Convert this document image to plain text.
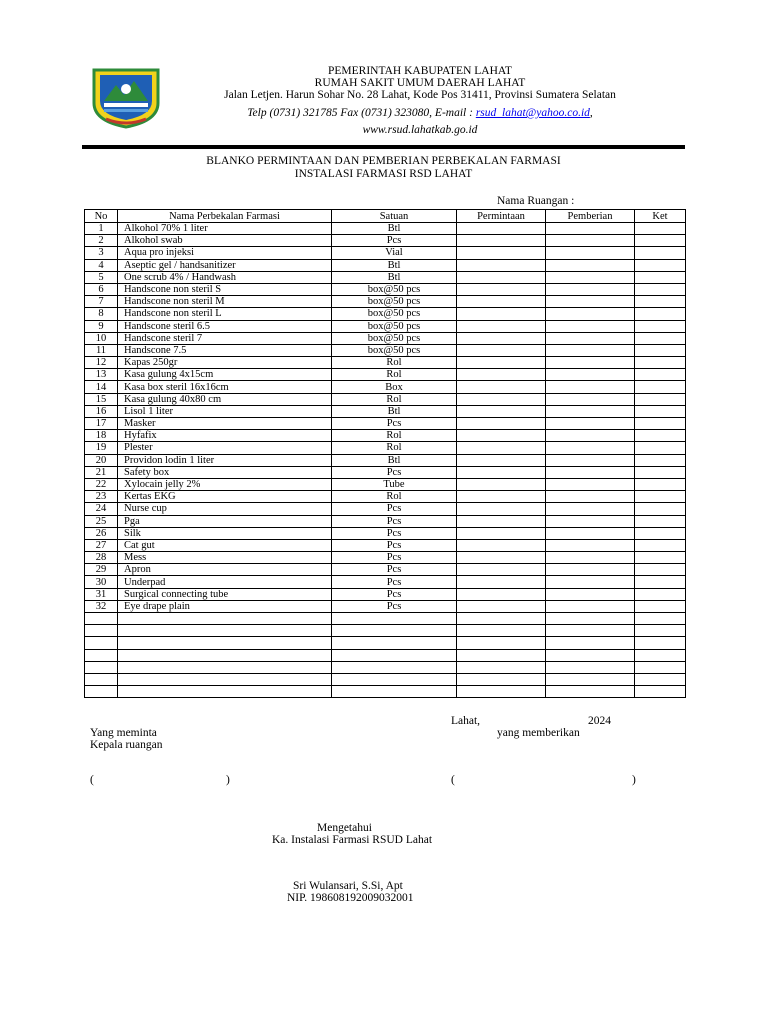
PEMERINTAH KABUPATEN LAHAT
RUMAH SAKIT UMUM DAERAH LAHAT
Jalan Letjen. Harun Sohar No. 28 Lahat, Kode Pos 31411, Provinsi Sumatera Selatan
Telp (0731) 321785 Fax (0731) 323080, E-mail : rsud_lahat@yahoo.co.id,
www.rsud.lahatkab.go.id
BLANKO PERMINTAAN DAN PEMBERIAN PERBEKALAN FARMASI
INSTALASI FARMASI RSD LAHAT
Nama Ruangan :
No	Nama Perbekalan Farmasi	Satuan	Permintaan	Pemberian	Ket
1	Alkohol 70% 1 liter	Btl			
2	Alkohol swab	Pcs			
3	Aqua pro injeksi	Vial			
4	Aseptic gel / handsanitizer	Btl			
5	One scrub 4% / Handwash	Btl			
6	Handscone non steril S	box@50 pcs			
7	Handscone non steril M	box@50 pcs			
8	Handscone non steril L	box@50 pcs			
9	Handscone steril 6.5	box@50 pcs			
10	Handscone steril 7	box@50 pcs			
11	Handscone 7.5	box@50 pcs			
12	Kapas 250gr	Rol			
13	Kasa gulung 4x15cm	Rol			
14	Kasa box steril 16x16cm	Box			
15	Kasa gulung 40x80 cm	Rol			
16	Lisol 1 liter	Btl			
17	Masker	Pcs			
18	Hyfafix	Rol			
19	Plester	Rol			
20	Providon lodin 1 liter	Btl			
21	Safety box	Pcs			
22	Xylocain jelly 2%	Tube			
23	Kertas EKG	Rol			
24	Nurse cup	Pcs			
25	Pga	Pcs			
26	Silk	Pcs			
27	Cat gut	Pcs			
28	Mess	Pcs			
29	Apron	Pcs			
30	Underpad	Pcs			
31	Surgical connecting tube	Pcs			
32	Eye drape plain	Pcs			

Lahat,	2024
Yang meminta	yang memberikan
Kepala ruangan
(	)	(	)
Mengetahui
Ka. Instalasi Farmasi RSUD Lahat
Sri Wulansari, S.Si, Apt
NIP. 198608192009032001
